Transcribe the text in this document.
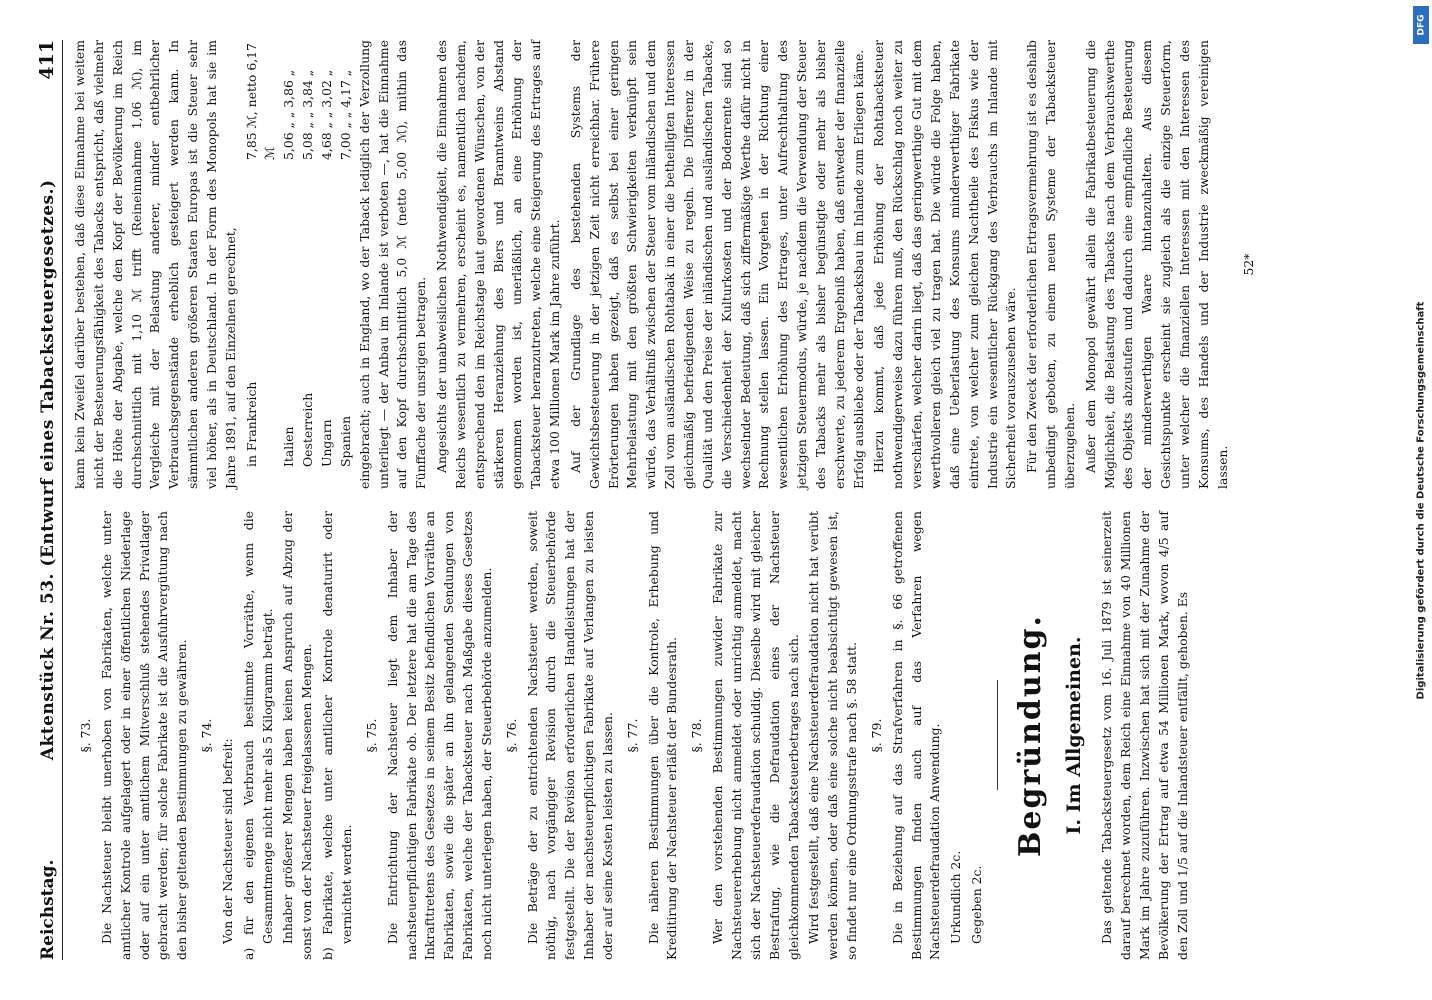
Reichstag.
Aktenstück Nr. 53. (Entwurf eines Tabacksteuergesetzes.)
411
§. 73. Die Nachsteuer bleibt unerhoben von Fabrikaten, welche unter amtlicher Kontrole aufgelagert oder in einer öffentlichen Niederlage oder auf ein unter amtlichem Mitverschluß stehendes Privatlager gebracht werden; für solche Fabrikate ist die Ausfuhrvergütung nach den bisher geltenden Bestimmungen zu gewähren. §. 74.

Von der Nachsteuer sind befreit: a) für den eigenen Verbrauch bestimmte Vorräthe, wenn die Gesammtmenge nicht mehr als 5 Kilogramm beträgt. Inhaber größerer Mengen haben keinen Anspruch auf Abzug der sonst von der Nachsteuer freigelassenen Mengen. b) Fabrikate, welche unter amtlicher Kontrole denaturirt oder vernichtet werden.

§. 75. Die Entrichtung der Nachsteuer liegt dem Inhaber der nachsteuerpflichtigen Fabrikate ob. Der letztere hat die am Tage des Inkrafttretens des Gesetzes in seinem Besitz befindlichen Vorräthe an Fabrikaten, sowie die später an ihn gelangenden Sendungen von Fabrikaten, welche der Tabacksteuer nach Maßgabe dieses Gesetzes noch nicht unterlegen haben, der Steuerbehörde anzumelden. §. 76. Die Beträge der zu entrichtenden Nachsteuer werden, soweit nöthig, nach vorgängiger Revision durch die Steuerbehörde festgestellt. Die der Revision erforderlichen Handleistungen hat der Inhaber der nachsteuerpflichtigen Fabrikate auf Verlangen zu leisten oder auf seine Kosten leisten zu lassen. §. 77. Die näheren Bestimmungen über die Kontrole, Erhebung und Kreditirung der Nachsteuer erläßt der Bundesrath. §. 78. Wer den vorstehenden Bestimmungen zuwider Fabrikate zur Nachsteuererhebung nicht anmeldet oder unrichtig anmeldet, macht sich der Nachsteuerdefraudation schuldig. Dieselbe wird mit gleicher Bestrafung, wie die Defraudation eines der Nachsteuer gleichkommenden Tabacksteuerbetrages nach sich. Wird festgestellt, daß eine Nachsteuerdefraudation nicht hat verübt werden können, oder daß eine solche nicht beabsichtigt gewesen ist, so findet nur eine Ordnungsstrafe nach §. 58 statt. §. 79. Die in Beziehung auf das Strafverfahren in §. 66 getroffenen Bestimmungen finden auch auf das Verfahren wegen Nachsteuerdefraudation Anwendung. Urkundlich 2c. Gegeben 2c.

Begründung. I. Im Allgemeinen.	Das geltende Tabacksteuergesetz vom 16. Juli 1879 ist seinerzeit darauf berechnet worden, dem Reich eine Einnahme von 40 Millionen Mark im Jahre zuzuführen. Inzwischen hat sich mit der Zunahme der Bevölkerung der Ertrag auf etwa 54 Millionen Mark, wovon 4/5 auf den Zoll und 1/5 auf die Inlandsteuer entfällt, gehoben. Es

kann kein Zweifel darüber bestehen, daß diese Einnahme bei weitem nicht der Besteuerungsfähigkeit des Tabacks entspricht, daß vielmehr die Höhe der Abgabe, welche den Kopf der Bevölkerung im Reich durchschnittlich mit 1,10 ℳ trifft (Reineinnahme 1,06 ℳ), im Vergleiche mit der Belastung anderer, minder entbehrlicher Verbrauchsgegenstände erheblich gesteigert werden kann. In sämmtlichen anderen größeren Staaten Europas ist die Steuer sehr viel höher, als in Deutschland. In der Form des Monopols hat sie im Jahre 1891, auf den Einzelnen gerechnet, in Frankreich
7,85 ℳ, netto 6,17 ℳ
Italien
5,06 „ „ 3,86 „
Oesterreich
5,08 „ „ 3,84 „
Ungarn
4,68 „ „ 3,02 „
Spanien
7,00 „ „ 4,17 „ eingebracht; auch in England, wo der Taback lediglich der Verzollung unterliegt — der Anbau im Inlande ist verboten —, hat die Einnahme auf den Kopf durchschnittlich 5,0 ℳ (netto 5,00 ℳ), mithin das Fünffache der unsrigen betragen. Angesichts der unabweislichen Nothwendigkeit, die Einnahmen des Reichs wesentlich zu vermehren, erscheint es, namentlich nachdem, entsprechend den im Reichstage laut gewordenen Wünschen, von der stärkeren Heranziehung des Biers und Branntweins Abstand genommen worden ist, unerläßlich, an eine Erhöhung der Tabacksteuer heranzutreten, welche eine Steigerung des Ertrages auf etwa 100 Millionen Mark im Jahre zuführt. Auf der Grundlage des bestehenden Systems der Gewichtsbesteuerung in der jetzigen Zeit nicht erreichbar. Frühere Erörterungen haben gezeigt, daß es selbst bei einer geringen Mehrbelastung mit den größten Schwierigkeiten verknüpft sein würde, das Verhältniß zwischen der Steuer vom inländischen und dem Zoll vom ausländischen Rohtabak in einer die betheiligten Interessen gleichmäßig befriedigenden Weise zu regeln. Die Differenz in der Qualität und den Preise der inländischen und ausländischen Tabacke, die Verschiedenheit der Kulturkosten und der Bodenrente sind so wechselnder Bedeutung, daß sich ziffermäßige Werthe dafür nicht in Rechnung stellen lassen. Ein Vorgehen in der Richtung einer wesentlichen Erhöhung des Ertrages, unter Aufrechthaltung des jetzigen Steuermodus, würde, je nachdem die Verwendung der Steuer des Tabacks mehr als bisher begünstigte oder mehr als bisher erschwerte, zu jederem Ergebniß haben, daß entweder der finanzielle Erfolg ausbliebe oder der Tabacksbau im Inlande zum Erliegen käme. Hierzu kommt, daß jede Erhöhung der Rohtabacksteuer nothwendigerweise dazu führen muß, den Rückschlag noch weiter zu verschärfen, welcher darin liegt, daß das geringwerthige Gut mit dem werthvolleren gleich viel zu tragen hat. Die würde die Folge haben, daß eine Ueberlastung des Konsums minderwerthiger Fabrikate eintrete, von welcher zum gleichen Nachtheile des Fiskus wie der Industrie ein wesentlicher Rückgang des Verbrauchs im Inlande mit Sicherheit vorauszusehen wäre. Für den Zweck der erforderlichen Ertragsvermehrung ist es deshalb unbedingt geboten, zu einem neuen Systeme der Tabacksteuer überzugehen. Außer dem Monopol gewährt allein die Fabrikatbesteuerung die Möglichkeit, die Belastung des Tabacks nach dem Verbrauchswerthe des Objekts abzustufen und dadurch eine empfindliche Besteuerung der minderwerthigen Waare hintanzuhalten. Aus diesem Gesichtspunkte erscheint sie zugleich als die einzige Steuerform, unter welcher die finanziellen Interessen mit den Interessen des Konsums, des Handels und der Industrie zweckmäßig vereinigen lassen.

52*
Digitalisierung gefördert durch die Deutsche Forschungsgemeinschaft
DFG
